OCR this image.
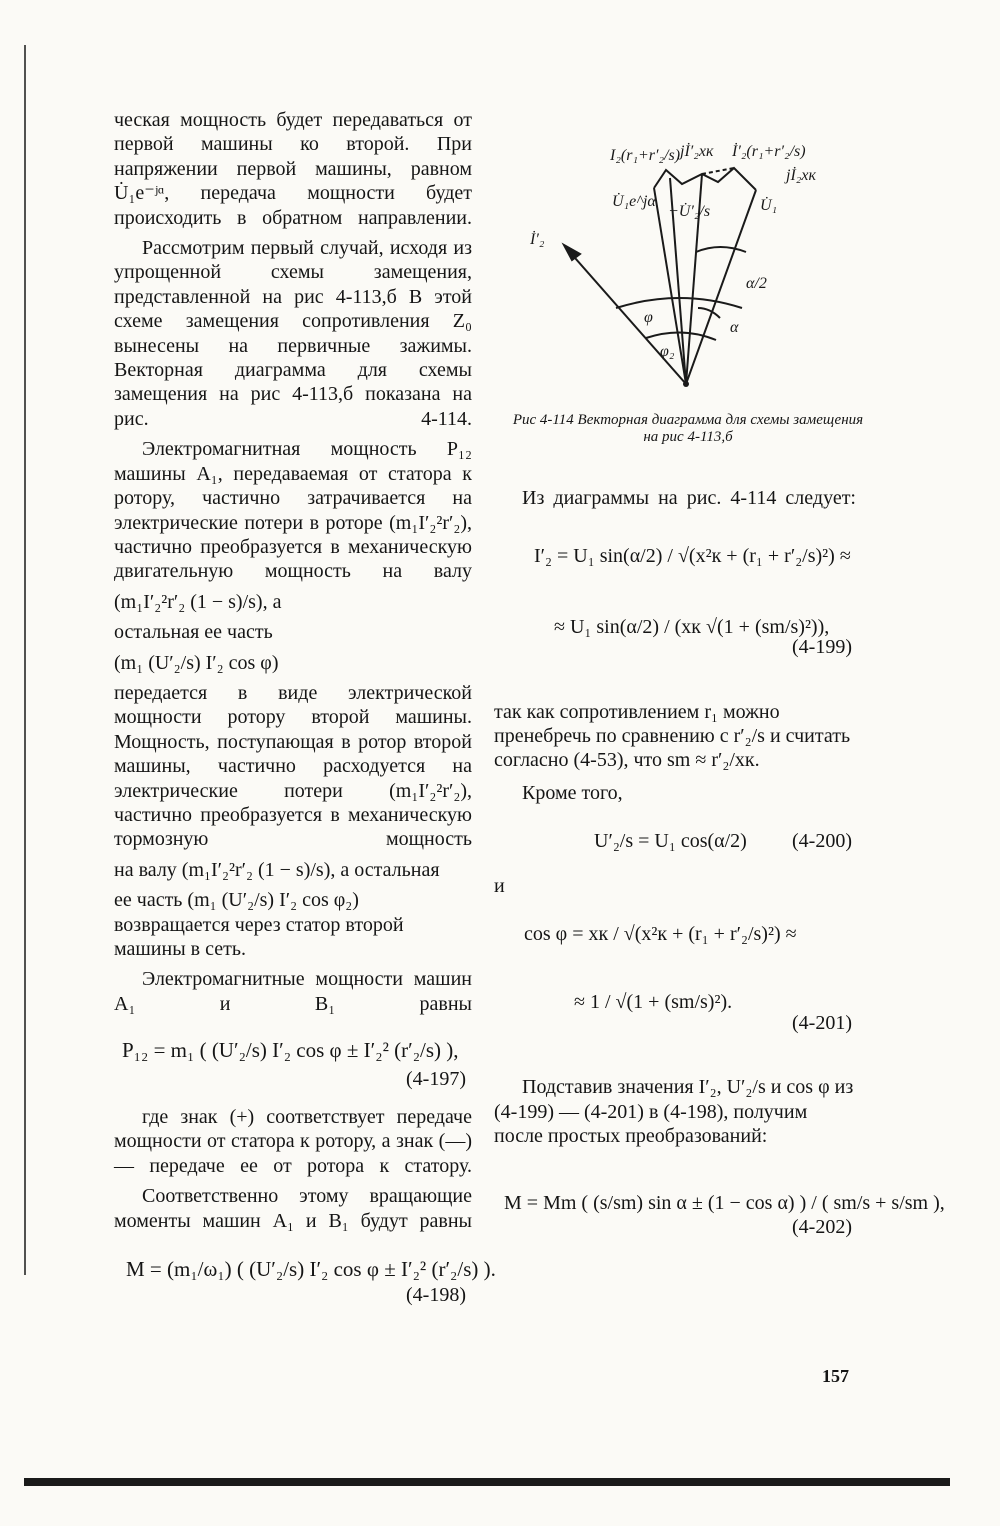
ческая мощность будет передаваться от первой машины ко второй. При напряжении первой машины, равном U̇₁e⁻ʲᵅ, передача мощности будет происходить в обратном направлении.

Рассмотрим первый случай, исходя из упрощенной схемы замещения, представленной на рис 4-113,б В этой схеме замещения сопротивления Z₀ вынесены на первичные зажимы. Векторная диаграмма для схемы замещения на рис 4-113,б показана на рис. 4-114.

Электромагнитная мощность P₁₂ машины A₁, передаваемая от статора к ротору, частично затрачивается на электрические потери в роторе (m₁I′₂²r′₂), частично преобразуется в механическую двигательную мощность на валу

(m₁I′₂²r′₂ (1 − s)/s), а
остальная ее часть
(m₁ (U′₂/s) I′₂ cos φ)

передается в виде электрической мощности ротору второй машины. Мощность, поступающая в ротор второй машины, частично расходуется на электрические потери (m₁I′₂²r′₂), частично преобразуется в механическую тормозную мощность

на валу (m₁I′₂²r′₂ (1 − s)/s), а остальная

ее часть (m₁ (U′₂/s) I′₂ cos φ₂) возвращается через статор второй машины в сеть.

Электромагнитные мощности машин A₁ и B₁ равны

P₁₂ = m₁ ( (U′₂/s) I′₂ cos φ ± I′₂² (r′₂/s) ),
(4-197)

где знак (+) соответствует передаче мощности от статора к ротору, а знак (—) — передаче ее от ротора к статору.

Соответственно этому вращающие моменты машин A₁ и B₁ будут равны

M = (m₁/ω₁) ( (U′₂/s) I′₂ cos φ ± I′₂² (r′₂/s) ).
(4-198)
I₂(r₁+r′₂/s) jİ′₂xк İ′₂(r₁+r′₂/s)
jİ₂xк
U̇₁e^jα	U̇₁
İ′₂
−U̇′₂/s
α/2
α
φ
φ₂
Рис 4-114 Векторная диаграмма для схемы замещения на рис 4-113,б

Из диаграммы на рис. 4-114 следует:

I′₂ = U₁ sin(α/2) / √(x²к + (r₁ + r′₂/s)²) ≈
≈ U₁ sin(α/2) / (xк √(1 + (sm/s)²)),
(4-199)

так как сопротивлением r₁ можно пренебречь по сравнению с r′₂/s и считать согласно (4-53), что sm ≈ r′₂/xк.

Кроме того,

U′₂/s = U₁ cos(α/2) (4-200)
и
cos φ = xк / √(x²к + (r₁ + r′₂/s)²) ≈
≈ 1 / √(1 + (sm/s)²).
(4-201)

Подставив значения I′₂, U′₂/s и cos φ из (4-199) — (4-201) в (4-198), получим после простых преобразований:

M = Mm ( (s/sm) sin α ± (1 − cos α) ) / ( sm/s + s/sm ),
(4-202)
157
